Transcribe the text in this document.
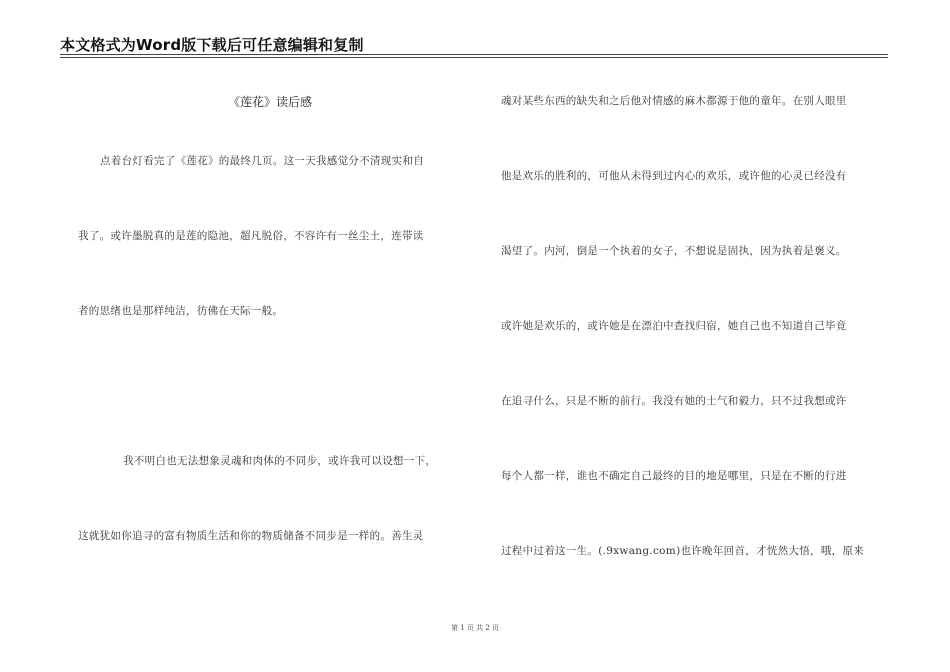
本文格式为Word版下载后可任意编辑和复制
《莲花》读后感
点着台灯看完了《莲花》的最终几页。这一天我感觉分不清现实和自
我了。或许墨脱真的是莲的隐池，超凡脱俗，不容许有一丝尘土，连带读
者的思绪也是那样纯洁，彷佛在天际一般。
我不明白也无法想象灵魂和肉体的不同步，或许我可以设想一下，
这就犹如你追寻的富有物质生活和你的物质储备不同步是一样的。善生灵
魂对某些东西的缺失和之后他对情感的麻木都源于他的童年。在别人眼里
他是欢乐的胜利的，可他从未得到过内心的欢乐，或许他的心灵已经没有
渴望了。内河，倒是一个执着的女子，不想说是固执，因为执着是褒义。
或许她是欢乐的，或许她是在漂泊中查找归宿，她自己也不知道自己毕竟
在追寻什么，只是不断的前行。我没有她的士气和毅力，只不过我想或许
每个人都一样，谁也不确定自己最终的目的地是哪里，只是在不断的行进
过程中过着这一生。(.9xwang.com)也许晚年回首，才恍然大悟，哦，原来
第 1 页 共 2 页
